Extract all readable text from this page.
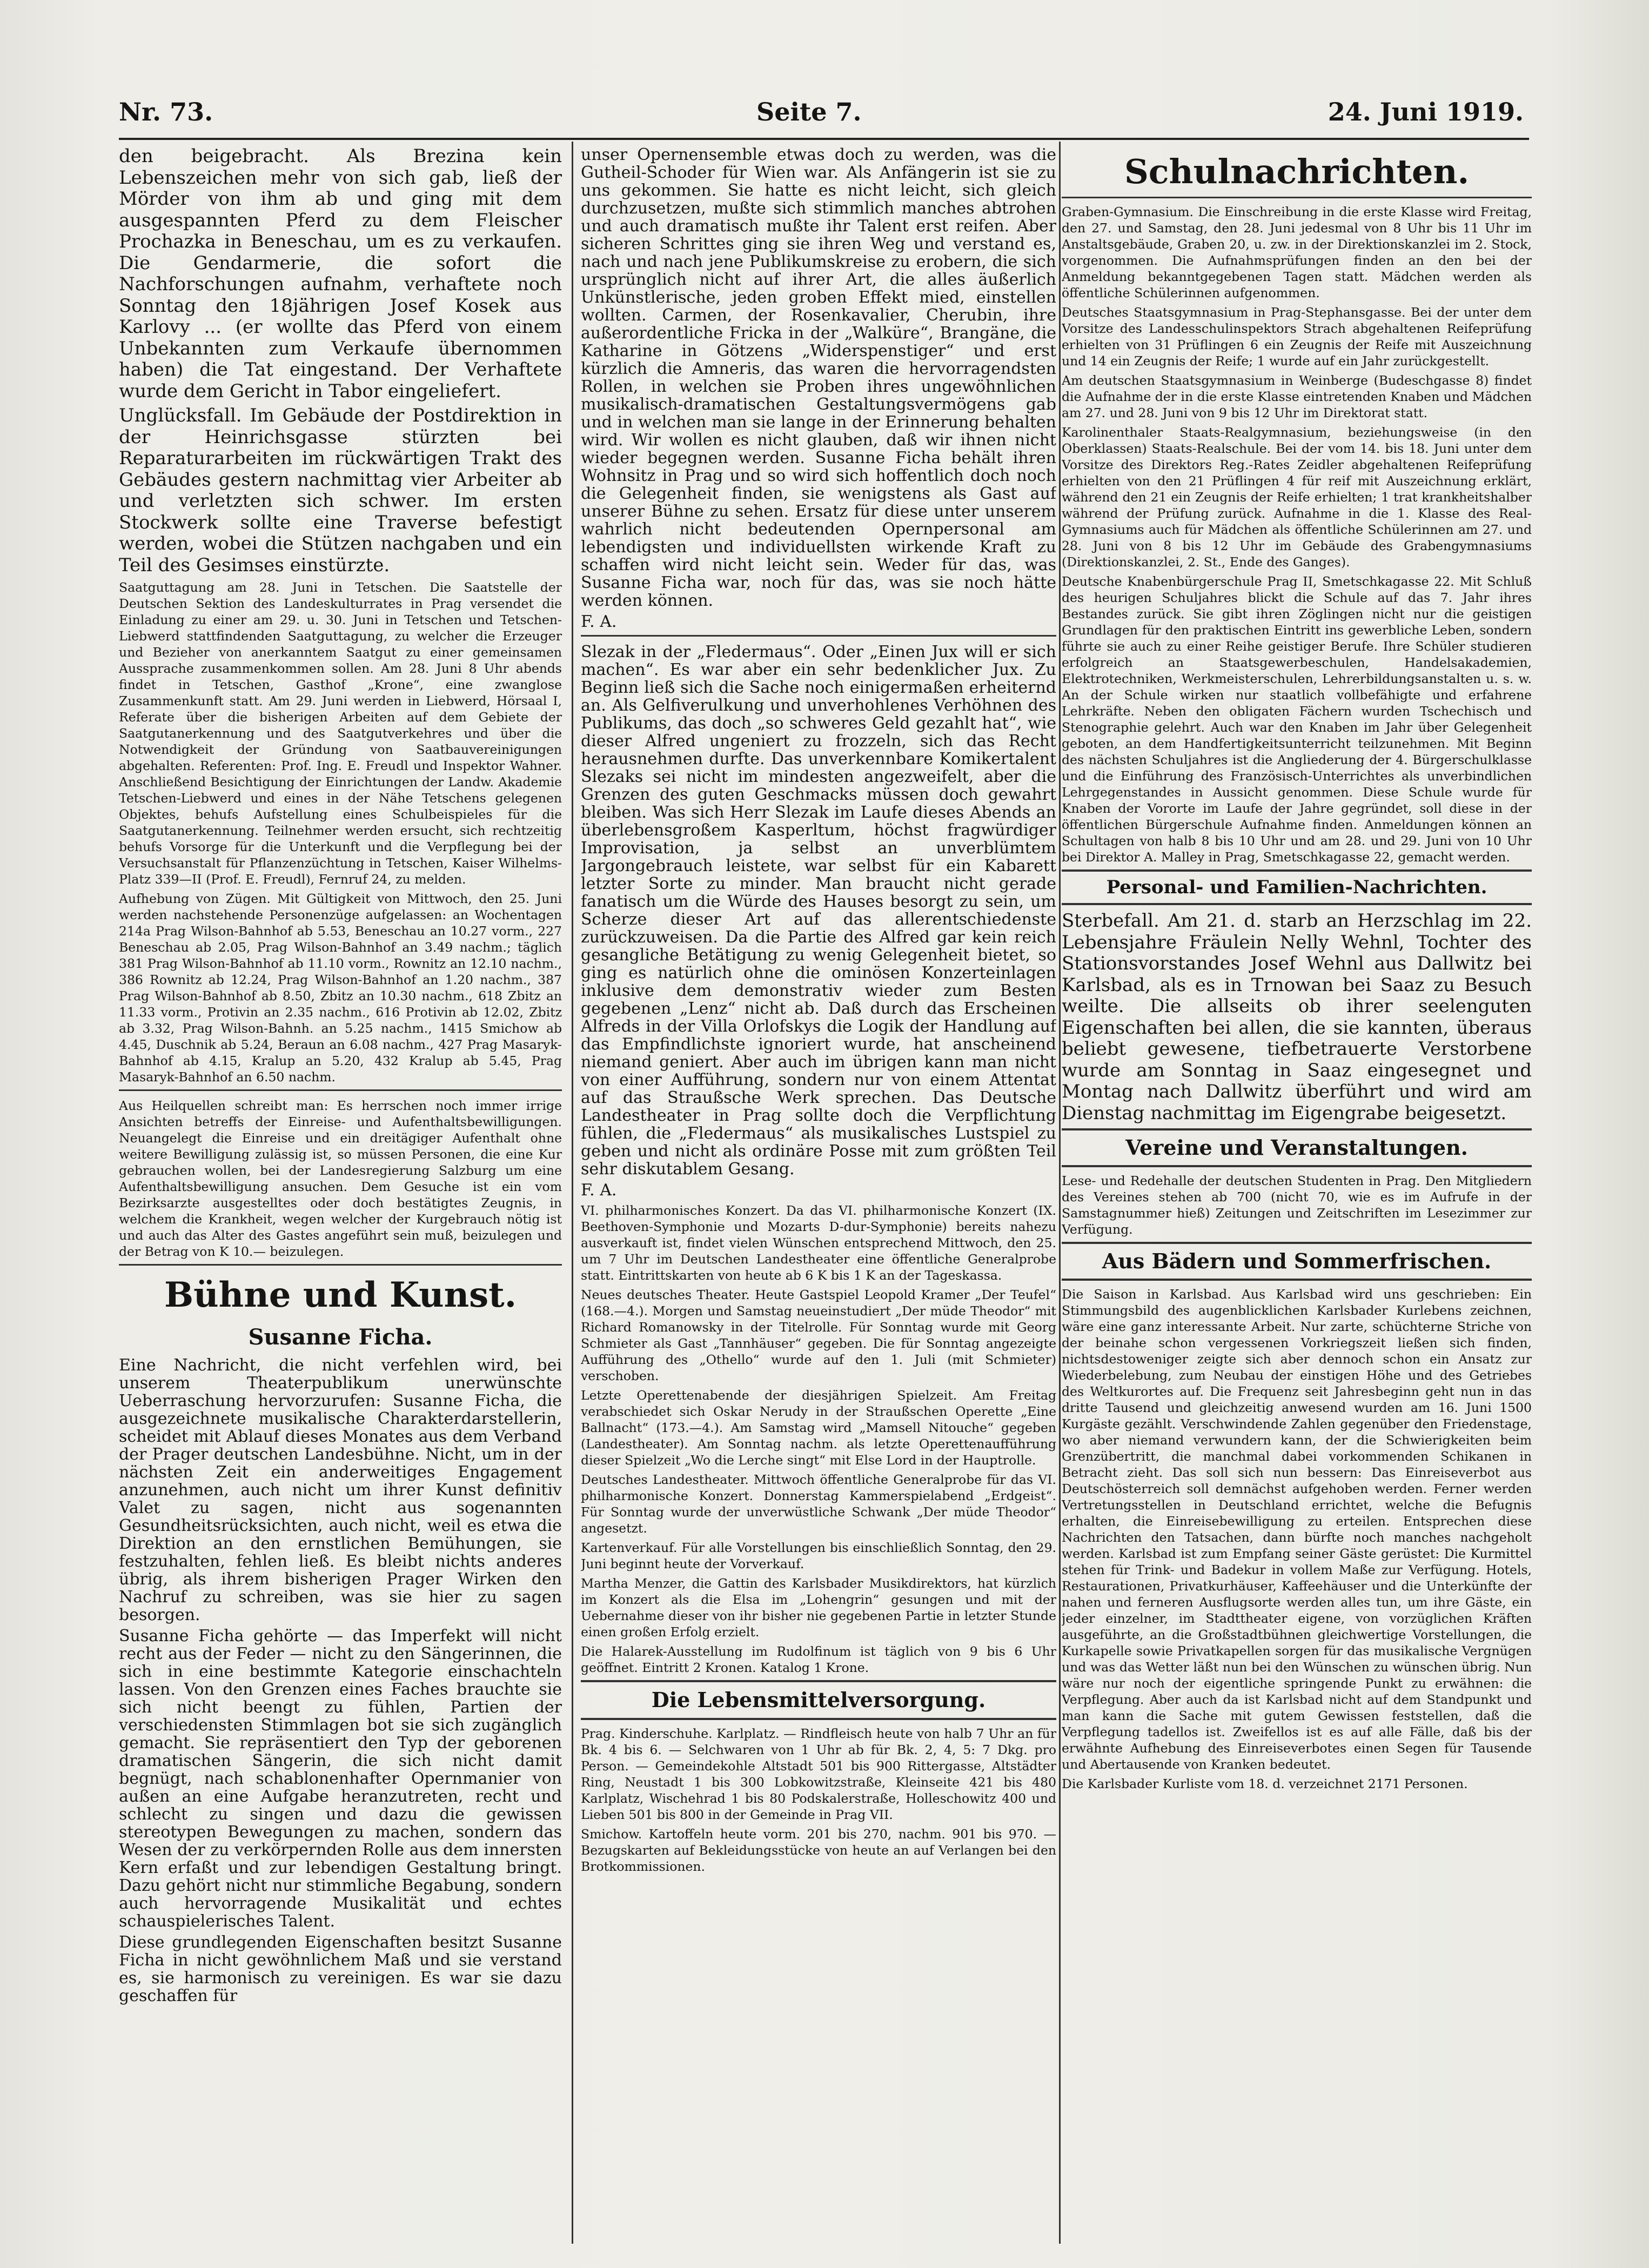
Nr. 73.	Seite 7.	24. Juni 1919.

den beigebracht. Als Brezina kein Lebenszeichen mehr von sich gab, ließ der Mörder von ihm ab und ging mit dem ausgespannten Pferd zu dem Fleischer Prochazka in Beneschau, um es zu verkaufen. Die Gendarmerie, die sofort die Nachforschungen aufnahm, verhaftete noch Sonntag den 18jährigen Josef Kosek aus Karlovy ... (er wollte das Pferd von einem Unbekannten zum Verkaufe übernommen haben) die Tat eingestand. Der Verhaftete wurde dem Gericht in Tabor eingeliefert.

Unglücksfall. Im Gebäude der Postdirektion in der Heinrichsgasse stürzten bei Reparaturarbeiten im rückwärtigen Trakt des Gebäudes gestern nachmittag vier Arbeiter ab und verletzten sich schwer. Im ersten Stockwerk sollte eine Traverse befestigt werden, wobei die Stützen nachgaben und ein Teil des Gesimses einstürzte.

Saatguttagung am 28. Juni in Tetschen. Die Saatstelle der Deutschen Sektion des Landeskulturrates in Prag versendet die Einladung zu einer am 29. u. 30. Juni in Tetschen und Tetschen-Liebwerd stattfindenden Saatguttagung, zu welcher die Erzeuger und Bezieher von anerkanntem Saatgut zu einer gemeinsamen Aussprache zusammenkommen sollen. Am 28. Juni 8 Uhr abends findet in Tetschen, Gasthof „Krone“, eine zwanglose Zusammenkunft statt. Am 29. Juni werden in Liebwerd, Hörsaal I, Referate über die bisherigen Arbeiten auf dem Gebiete der Saatgutanerkennung und des Saatgutverkehres und über die Notwendigkeit der Gründung von Saatbauvereinigungen abgehalten. Referenten: Prof. Ing. E. Freudl und Inspektor Wahner. Anschließend Besichtigung der Einrichtungen der Landw. Akademie Tetschen-Liebwerd und eines in der Nähe Tetschens gelegenen Objektes, behufs Aufstellung eines Schulbeispieles für die Saatgutanerkennung. Teilnehmer werden ersucht, sich rechtzeitig behufs Vorsorge für die Unterkunft und die Verpflegung bei der Versuchsanstalt für Pflanzenzüchtung in Tetschen, Kaiser Wilhelms-Platz 339—II (Prof. E. Freudl), Fernruf 24, zu melden.

Aufhebung von Zügen. Mit Gültigkeit von Mittwoch, den 25. Juni werden nachstehende Personenzüge aufgelassen: an Wochentagen 214a Prag Wilson-Bahnhof ab 5.53, Beneschau an 10.27 vorm., 227 Beneschau ab 2.05, Prag Wilson-Bahnhof an 3.49 nachm.; täglich 381 Prag Wilson-Bahnhof ab 11.10 vorm., Rownitz an 12.10 nachm., 386 Rownitz ab 12.24, Prag Wilson-Bahnhof an 1.20 nachm., 387 Prag Wilson-Bahnhof ab 8.50, Zbitz an 10.30 nachm., 618 Zbitz an 11.33 vorm., Protivin an 2.35 nachm., 616 Protivin ab 12.02, Zbitz ab 3.32, Prag Wilson-Bahnh. an 5.25 nachm., 1415 Smichow ab 4.45, Duschnik ab 5.24, Beraun an 6.08 nachm., 427 Prag Masaryk-Bahnhof ab 4.15, Kralup an 5.20, 432 Kralup ab 5.45, Prag Masaryk-Bahnhof an 6.50 nachm.

Aus Heilquellen schreibt man: Es herrschen noch immer irrige Ansichten betreffs der Einreise- und Aufenthaltsbewilligungen. Neuangelegt die Einreise und ein dreitägiger Aufenthalt ohne weitere Bewilligung zulässig ist, so müssen Personen, die eine Kur gebrauchen wollen, bei der Landesregierung Salzburg um eine Aufenthaltsbewilligung ansuchen. Dem Gesuche ist ein vom Bezirksarzte ausgestelltes oder doch bestätigtes Zeugnis, in welchem die Krankheit, wegen welcher der Kurgebrauch nötig ist und auch das Alter des Gastes angeführt sein muß, beizulegen und der Betrag von K 10.— beizulegen.

Bühne und Kunst.
Susanne Ficha.

Eine Nachricht, die nicht verfehlen wird, bei unserem Theaterpublikum unerwünschte Ueberraschung hervorzurufen: Susanne Ficha, die ausgezeichnete musikalische Charakterdarstellerin, scheidet mit Ablauf dieses Monates aus dem Verband der Prager deutschen Landesbühne. Nicht, um in der nächsten Zeit ein anderweitiges Engagement anzunehmen, auch nicht um ihrer Kunst definitiv Valet zu sagen, nicht aus sogenannten Gesundheitsrücksichten, auch nicht, weil es etwa die Direktion an den ernstlichen Bemühungen, sie festzuhalten, fehlen ließ. Es bleibt nichts anderes übrig, als ihrem bisherigen Prager Wirken den Nachruf zu schreiben, was sie hier zu sagen besorgen.

Susanne Ficha gehörte — das Imperfekt will nicht recht aus der Feder — nicht zu den Sängerinnen, die sich in eine bestimmte Kategorie einschachteln lassen. Von den Grenzen eines Faches brauchte sie sich nicht beengt zu fühlen, Partien der verschiedensten Stimmlagen bot sie sich zugänglich gemacht. Sie repräsentiert den Typ der geborenen dramatischen Sängerin, die sich nicht damit begnügt, nach schablonenhafter Opernmanier von außen an eine Aufgabe heranzutreten, recht und schlecht zu singen und dazu die gewissen stereotypen Bewegungen zu machen, sondern das Wesen der zu verkörpernden Rolle aus dem innersten Kern erfaßt und zur lebendigen Gestaltung bringt. Dazu gehört nicht nur stimmliche Begabung, sondern auch hervorragende Musikalität und echtes schauspielerisches Talent.

Diese grundlegenden Eigenschaften besitzt Susanne Ficha in nicht gewöhnlichem Maß und sie verstand es, sie harmonisch zu vereinigen. Es war sie dazu geschaffen für

unser Opernensemble etwas doch zu werden, was die Gutheil-Schoder für Wien war. Als Anfängerin ist sie zu uns gekommen. Sie hatte es nicht leicht, sich gleich durchzusetzen, mußte sich stimmlich manches abtrohen und auch dramatisch mußte ihr Talent erst reifen. Aber sicheren Schrittes ging sie ihren Weg und verstand es, nach und nach jene Publikumskreise zu erobern, die sich ursprünglich nicht auf ihrer Art, die alles äußerlich Unkünstlerische, jeden groben Effekt mied, einstellen wollten. Carmen, der Rosenkavalier, Cherubin, ihre außerordentliche Fricka in der „Walküre“, Brangäne, die Katharine in Götzens „Widerspenstiger“ und erst kürzlich die Amneris, das waren die hervorragendsten Rollen, in welchen sie Proben ihres ungewöhnlichen musikalisch-dramatischen Gestaltungsvermögens gab und in welchen man sie lange in der Erinnerung behalten wird. Wir wollen es nicht glauben, daß wir ihnen nicht wieder begegnen werden. Susanne Ficha behält ihren Wohnsitz in Prag und so wird sich hoffentlich doch noch die Gelegenheit finden, sie wenigstens als Gast auf unserer Bühne zu sehen. Ersatz für diese unter unserem wahrlich nicht bedeutenden Opernpersonal am lebendigsten und individuellsten wirkende Kraft zu schaffen wird nicht leicht sein. Weder für das, was Susanne Ficha war, noch für das, was sie noch hätte werden können.

F. A.

Slezak in der „Fledermaus“. Oder „Einen Jux will er sich machen“. Es war aber ein sehr bedenklicher Jux. Zu Beginn ließ sich die Sache noch einigermaßen erheiternd an. Als Gelfiverulkung und unverhohlenes Verhöhnen des Publikums, das doch „so schweres Geld gezahlt hat“, wie dieser Alfred ungeniert zu frozzeln, sich das Recht herausnehmen durfte. Das unverkennbare Komikertalent Slezaks sei nicht im mindesten angezweifelt, aber die Grenzen des guten Geschmacks müssen doch gewahrt bleiben. Was sich Herr Slezak im Laufe dieses Abends an überlebensgroßem Kasperltum, höchst fragwürdiger Improvisation, ja selbst an unverblümtem Jargongebrauch leistete, war selbst für ein Kabarett letzter Sorte zu minder. Man braucht nicht gerade fanatisch um die Würde des Hauses besorgt zu sein, um Scherze dieser Art auf das allerentschiedenste zurückzuweisen. Da die Partie des Alfred gar kein reich gesangliche Betätigung zu wenig Gelegenheit bietet, so ging es natürlich ohne die ominösen Konzerteinlagen inklusive dem demonstrativ wieder zum Besten gegebenen „Lenz“ nicht ab. Daß durch das Erscheinen Alfreds in der Villa Orlofskys die Logik der Handlung auf das Empfindlichste ignoriert wurde, hat anscheinend niemand geniert. Aber auch im übrigen kann man nicht von einer Aufführung, sondern nur von einem Attentat auf das Straußsche Werk sprechen. Das Deutsche Landestheater in Prag sollte doch die Verpflichtung fühlen, die „Fledermaus“ als musikalisches Lustspiel zu geben und nicht als ordinäre Posse mit zum größten Teil sehr diskutablem Gesang.

F. A.

VI. philharmonisches Konzert. Da das VI. philharmonische Konzert (IX. Beethoven-Symphonie und Mozarts D-dur-Symphonie) bereits nahezu ausverkauft ist, findet vielen Wünschen entsprechend Mittwoch, den 25. um 7 Uhr im Deutschen Landestheater eine öffentliche Generalprobe statt. Eintrittskarten von heute ab 6 K bis 1 K an der Tageskassa.

Neues deutsches Theater. Heute Gastspiel Leopold Kramer „Der Teufel“ (168.—4.). Morgen und Samstag neueinstudiert „Der müde Theodor“ mit Richard Romanowsky in der Titelrolle. Für Sonntag wurde mit Georg Schmieter als Gast „Tannhäuser“ gegeben. Die für Sonntag angezeigte Aufführung des „Othello“ wurde auf den 1. Juli (mit Schmieter) verschoben.

Letzte Operettenabende der diesjährigen Spielzeit. Am Freitag verabschiedet sich Oskar Nerudy in der Straußschen Operette „Eine Ballnacht“ (173.—4.). Am Samstag wird „Mamsell Nitouche“ gegeben (Landestheater). Am Sonntag nachm. als letzte Operettenaufführung dieser Spielzeit „Wo die Lerche singt“ mit Else Lord in der Hauptrolle.

Deutsches Landestheater. Mittwoch öffentliche Generalprobe für das VI. philharmonische Konzert. Donnerstag Kammerspielabend „Erdgeist“. Für Sonntag wurde der unverwüstliche Schwank „Der müde Theodor“ angesetzt.

Kartenverkauf. Für alle Vorstellungen bis einschließlich Sonntag, den 29. Juni beginnt heute der Vorverkauf.

Martha Menzer, die Gattin des Karlsbader Musikdirektors, hat kürzlich im Konzert als die Elsa im „Lohengrin“ gesungen und mit der Uebernahme dieser von ihr bisher nie gegebenen Partie in letzter Stunde einen großen Erfolg erzielt.

Die Halarek-Ausstellung im Rudolfinum ist täglich von 9 bis 6 Uhr geöffnet. Eintritt 2 Kronen. Katalog 1 Krone.

Die Lebensmittelversorgung.

Prag. Kinderschuhe. Karlplatz. — Rindfleisch heute von halb 7 Uhr an für Bk. 4 bis 6. — Selchwaren von 1 Uhr ab für Bk. 2, 4, 5: 7 Dkg. pro Person. — Gemeindekohle Altstadt 501 bis 900 Rittergasse, Altstädter Ring, Neustadt 1 bis 300 Lobkowitzstraße, Kleinseite 421 bis 480 Karlplatz, Wischehrad 1 bis 80 Podskalerstraße, Holleschowitz 400 und Lieben 501 bis 800 in der Gemeinde in Prag VII.

Smichow. Kartoffeln heute vorm. 201 bis 270, nachm. 901 bis 970. — Bezugskarten auf Bekleidungsstücke von heute an auf Verlangen bei den Brotkommissionen.

Schulnachrichten.

Graben-Gymnasium. Die Einschreibung in die erste Klasse wird Freitag, den 27. und Samstag, den 28. Juni jedesmal von 8 Uhr bis 11 Uhr im Anstaltsgebäude, Graben 20, u. zw. in der Direktionskanzlei im 2. Stock, vorgenommen. Die Aufnahmsprüfungen finden an den bei der Anmeldung bekanntgegebenen Tagen statt. Mädchen werden als öffentliche Schülerinnen aufgenommen.

Deutsches Staatsgymnasium in Prag-Stephansgasse. Bei der unter dem Vorsitze des Landesschulinspektors Strach abgehaltenen Reifeprüfung erhielten von 31 Prüflingen 6 ein Zeugnis der Reife mit Auszeichnung und 14 ein Zeugnis der Reife; 1 wurde auf ein Jahr zurückgestellt.

Am deutschen Staatsgymnasium in Weinberge (Budeschgasse 8) findet die Aufnahme der in die erste Klasse eintretenden Knaben und Mädchen am 27. und 28. Juni von 9 bis 12 Uhr im Direktorat statt.

Karolinenthaler Staats-Realgymnasium, beziehungsweise (in den Oberklassen) Staats-Realschule. Bei der vom 14. bis 18. Juni unter dem Vorsitze des Direktors Reg.-Rates Zeidler abgehaltenen Reifeprüfung erhielten von den 21 Prüflingen 4 für reif mit Auszeichnung erklärt, während den 21 ein Zeugnis der Reife erhielten; 1 trat krankheitshalber während der Prüfung zurück. Aufnahme in die 1. Klasse des Real-Gymnasiums auch für Mädchen als öffentliche Schülerinnen am 27. und 28. Juni von 8 bis 12 Uhr im Gebäude des Grabengymnasiums (Direktionskanzlei, 2. St., Ende des Ganges).

Deutsche Knabenbürgerschule Prag II, Smetschkagasse 22. Mit Schluß des heurigen Schuljahres blickt die Schule auf das 7. Jahr ihres Bestandes zurück. Sie gibt ihren Zöglingen nicht nur die geistigen Grundlagen für den praktischen Eintritt ins gewerbliche Leben, sondern führte sie auch zu einer Reihe geistiger Berufe. Ihre Schüler studieren erfolgreich an Staatsgewerbeschulen, Handelsakademien, Elektrotechniken, Werkmeisterschulen, Lehrerbildungsanstalten u. s. w. An der Schule wirken nur staatlich vollbefähigte und erfahrene Lehrkräfte. Neben den obligaten Fächern wurden Tschechisch und Stenographie gelehrt. Auch war den Knaben im Jahr über Gelegenheit geboten, an dem Handfertigkeitsunterricht teilzunehmen. Mit Beginn des nächsten Schuljahres ist die Angliederung der 4. Bürgerschulklasse und die Einführung des Französisch-Unterrichtes als unverbindlichen Lehrgegenstandes in Aussicht genommen. Diese Schule wurde für Knaben der Vororte im Laufe der Jahre gegründet, soll diese in der öffentlichen Bürgerschule Aufnahme finden. Anmeldungen können an Schultagen von halb 8 bis 10 Uhr und am 28. und 29. Juni von 10 Uhr bei Direktor A. Malley in Prag, Smetschkagasse 22, gemacht werden.

Personal- und Familien-Nachrichten.

Sterbefall. Am 21. d. starb an Herzschlag im 22. Lebensjahre Fräulein Nelly Wehnl, Tochter des Stationsvorstandes Josef Wehnl aus Dallwitz bei Karlsbad, als es in Trnowan bei Saaz zu Besuch weilte. Die allseits ob ihrer seelenguten Eigenschaften bei allen, die sie kannten, überaus beliebt gewesene, tiefbetrauerte Verstorbene wurde am Sonntag in Saaz eingesegnet und Montag nach Dallwitz überführt und wird am Dienstag nachmittag im Eigengrabe beigesetzt.

Vereine und Veranstaltungen.

Lese- und Redehalle der deutschen Studenten in Prag. Den Mitgliedern des Vereines stehen ab 700 (nicht 70, wie es im Aufrufe in der Samstagnummer hieß) Zeitungen und Zeitschriften im Lesezimmer zur Verfügung.

Aus Bädern und Sommerfrischen.

Die Saison in Karlsbad. Aus Karlsbad wird uns geschrieben: Ein Stimmungsbild des augenblicklichen Karlsbader Kurlebens zeichnen, wäre eine ganz interessante Arbeit. Nur zarte, schüchterne Striche von der beinahe schon vergessenen Vorkriegszeit ließen sich finden, nichtsdestoweniger zeigte sich aber dennoch schon ein Ansatz zur Wiederbelebung, zum Neubau der einstigen Höhe und des Getriebes des Weltkurortes auf. Die Frequenz seit Jahresbeginn geht nun in das dritte Tausend und gleichzeitig anwesend wurden am 16. Juni 1500 Kurgäste gezählt. Verschwindende Zahlen gegenüber den Friedenstage, wo aber niemand verwundern kann, der die Schwierigkeiten beim Grenzübertritt, die manchmal dabei vorkommenden Schikanen in Betracht zieht. Das soll sich nun bessern: Das Einreiseverbot aus Deutschösterreich soll demnächst aufgehoben werden. Ferner werden Vertretungsstellen in Deutschland errichtet, welche die Befugnis erhalten, die Einreisebewilligung zu erteilen. Entsprechen diese Nachrichten den Tatsachen, dann bürfte noch manches nachgeholt werden. Karlsbad ist zum Empfang seiner Gäste gerüstet: Die Kurmittel stehen für Trink- und Badekur in vollem Maße zur Verfügung. Hotels, Restaurationen, Privatkurhäuser, Kaffeehäuser und die Unterkünfte der nahen und ferneren Ausflugsorte werden alles tun, um ihre Gäste, ein jeder einzelner, im Stadttheater eigene, von vorzüglichen Kräften ausgeführte, an die Großstadtbühnen gleichwertige Vorstellungen, die Kurkapelle sowie Privatkapellen sorgen für das musikalische Vergnügen und was das Wetter läßt nun bei den Wünschen zu wünschen übrig. Nun wäre nur noch der eigentliche springende Punkt zu erwähnen: die Verpflegung. Aber auch da ist Karlsbad nicht auf dem Standpunkt und man kann die Sache mit gutem Gewissen feststellen, daß die Verpflegung tadellos ist. Zweifellos ist es auf alle Fälle, daß bis der erwähnte Aufhebung des Einreiseverbotes einen Segen für Tausende und Abertausende von Kranken bedeutet.

Die Karlsbader Kurliste vom 18. d. verzeichnet 2171 Personen.
